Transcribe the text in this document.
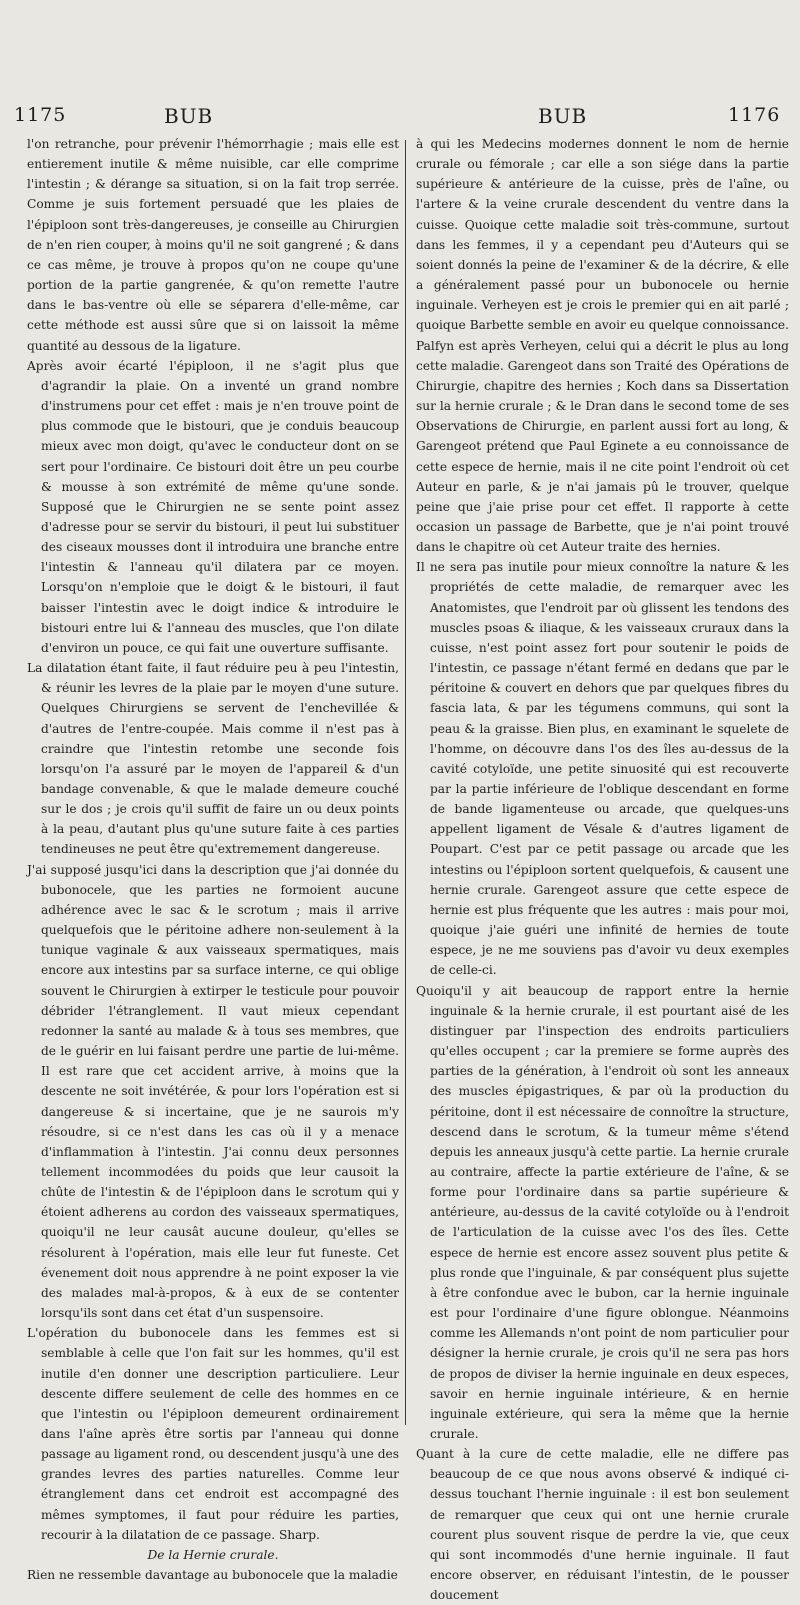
1175	BUB	BUB	1176

l'on retranche, pour prévenir l'hémorrhagie ; mais elle est entierement inutile & même nuisible, car elle comprime l'intestin ; & dérange sa situation, si on la fait trop serrée. Comme je suis fortement persuadé que les plaies de l'épiploon sont très-dangereuses, je conseille au Chirurgien de n'en rien couper, à moins qu'il ne soit gangrené ; & dans ce cas même, je trouve à propos qu'on ne coupe qu'une portion de la partie gangrenée, & qu'on remette l'autre dans le bas-ventre où elle se séparera d'elle-même, car cette méthode est aussi sûre que si on laissoit la même quantité au dessous de la ligature.

Après avoir écarté l'épiploon, il ne s'agit plus que d'agrandir la plaie. On a inventé un grand nombre d'instrumens pour cet effet : mais je n'en trouve point de plus commode que le bistouri, que je conduis beaucoup mieux avec mon doigt, qu'avec le conducteur dont on se sert pour l'ordinaire. Ce bistouri doit être un peu courbe & mousse à son extrémité de même qu'une sonde. Supposé que le Chirurgien ne se sente point assez d'adresse pour se servir du bistouri, il peut lui substituer des ciseaux mousses dont il introduira une branche entre l'intestin & l'anneau qu'il dilatera par ce moyen. Lorsqu'on n'emploie que le doigt & le bistouri, il faut baisser l'intestin avec le doigt indice & introduire le bistouri entre lui & l'anneau des muscles, que l'on dilate d'environ un pouce, ce qui fait une ouverture suffisante.

La dilatation étant faite, il faut réduire peu à peu l'intestin, & réunir les levres de la plaie par le moyen d'une suture. Quelques Chirurgiens se servent de l'enchevillée & d'autres de l'entre-coupée. Mais comme il n'est pas à craindre que l'intestin retombe une seconde fois lorsqu'on l'a assuré par le moyen de l'appareil & d'un bandage convenable, & que le malade demeure couché sur le dos ; je crois qu'il suffit de faire un ou deux points à la peau, d'autant plus qu'une suture faite à ces parties tendineuses ne peut être qu'extremement dangereuse.

J'ai supposé jusqu'ici dans la description que j'ai donnée du bubonocele, que les parties ne formoient aucune adhérence avec le sac & le scrotum ; mais il arrive quelquefois que le péritoine adhere non-seulement à la tunique vaginale & aux vaisseaux spermatiques, mais encore aux intestins par sa surface interne, ce qui oblige souvent le Chirurgien à extirper le testicule pour pouvoir débrider l'étranglement. Il vaut mieux cependant redonner la santé au malade & à tous ses membres, que de le guérir en lui faisant perdre une partie de lui-même. Il est rare que cet accident arrive, à moins que la descente ne soit invétérée, & pour lors l'opération est si dangereuse & si incertaine, que je ne saurois m'y résoudre, si ce n'est dans les cas où il y a menace d'inflammation à l'intestin. J'ai connu deux personnes tellement incommodées du poids que leur causoit la chûte de l'intestin & de l'épiploon dans le scrotum qui y étoient adherens au cordon des vaisseaux spermatiques, quoiqu'il ne leur causât aucune douleur, qu'elles se résolurent à l'opération, mais elle leur fut funeste. Cet évenement doit nous apprendre à ne point exposer la vie des malades mal-à-propos, & à eux de se contenter lorsqu'ils sont dans cet état d'un suspensoire.

L'opération du bubonocele dans les femmes est si semblable à celle que l'on fait sur les hommes, qu'il est inutile d'en donner une description particuliere. Leur descente differe seulement de celle des hommes en ce que l'intestin ou l'épiploon demeurent ordinairement dans l'aîne après être sortis par l'anneau qui donne passage au ligament rond, ou descendent jusqu'à une des grandes levres des parties naturelles. Comme leur étranglement dans cet endroit est accompagné des mêmes symptomes, il faut pour réduire les parties, recourir à la dilatation de ce passage. Sharp.

De la Hernie crurale.

Rien ne ressemble davantage au bubonocele que la maladie

à qui les Medecins modernes donnent le nom de hernie crurale ou fémorale ; car elle a son siége dans la partie supérieure & antérieure de la cuisse, près de l'aîne, ou l'artere & la veine crurale descendent du ventre dans la cuisse. Quoique cette maladie soit très-commune, surtout dans les femmes, il y a cependant peu d'Auteurs qui se soient donnés la peine de l'examiner & de la décrire, & elle a généralement passé pour un bubonocele ou hernie inguinale. Verheyen est je crois le premier qui en ait parlé ; quoique Barbette semble en avoir eu quelque connoissance. Palfyn est après Verheyen, celui qui a décrit le plus au long cette maladie. Garengeot dans son Traité des Opérations de Chirurgie, chapitre des hernies ; Koch dans sa Dissertation sur la hernie crurale ; & le Dran dans le second tome de ses Observations de Chirurgie, en parlent aussi fort au long, & Garengeot prétend que Paul Eginete a eu connoissance de cette espece de hernie, mais il ne cite point l'endroit où cet Auteur en parle, & je n'ai jamais pû le trouver, quelque peine que j'aie prise pour cet effet. Il rapporte à cette occasion un passage de Barbette, que je n'ai point trouvé dans le chapitre où cet Auteur traite des hernies.

Il ne sera pas inutile pour mieux connoître la nature & les propriétés de cette maladie, de remarquer avec les Anatomistes, que l'endroit par où glissent les tendons des muscles psoas & iliaque, & les vaisseaux cruraux dans la cuisse, n'est point assez fort pour soutenir le poids de l'intestin, ce passage n'étant fermé en dedans que par le péritoine & couvert en dehors que par quelques fibres du fascia lata, & par les tégumens communs, qui sont la peau & la graisse. Bien plus, en examinant le squelete de l'homme, on découvre dans l'os des îles au-dessus de la cavité cotyloïde, une petite sinuosité qui est recouverte par la partie inférieure de l'oblique descendant en forme de bande ligamenteuse ou arcade, que quelques-uns appellent ligament de Vésale & d'autres ligament de Poupart. C'est par ce petit passage ou arcade que les intestins ou l'épiploon sortent quelquefois, & causent une hernie crurale. Garengeot assure que cette espece de hernie est plus fréquente que les autres : mais pour moi, quoique j'aie guéri une infinité de hernies de toute espece, je ne me souviens pas d'avoir vu deux exemples de celle-ci.

Quoiqu'il y ait beaucoup de rapport entre la hernie inguinale & la hernie crurale, il est pourtant aisé de les distinguer par l'inspection des endroits particuliers qu'elles occupent ; car la premiere se forme auprès des parties de la génération, à l'endroit où sont les anneaux des muscles épigastriques, & par où la production du péritoine, dont il est nécessaire de connoître la structure, descend dans le scrotum, & la tumeur même s'étend depuis les anneaux jusqu'à cette partie. La hernie crurale au contraire, affecte la partie extérieure de l'aîne, & se forme pour l'ordinaire dans sa partie supérieure & antérieure, au-dessus de la cavité cotyloïde ou à l'endroit de l'articulation de la cuisse avec l'os des îles. Cette espece de hernie est encore assez souvent plus petite & plus ronde que l'inguinale, & par conséquent plus sujette à être confondue avec le bubon, car la hernie inguinale est pour l'ordinaire d'une figure oblongue. Néanmoins comme les Allemands n'ont point de nom particulier pour désigner la hernie crurale, je crois qu'il ne sera pas hors de propos de diviser la hernie inguinale en deux especes, savoir en hernie inguinale intérieure, & en hernie inguinale extérieure, qui sera la même que la hernie crurale.

Quant à la cure de cette maladie, elle ne differe pas beaucoup de ce que nous avons observé & indiqué ci-dessus touchant l'hernie inguinale : il est bon seulement de remarquer que ceux qui ont une hernie crurale courent plus souvent risque de perdre la vie, que ceux qui sont incommodés d'une hernie inguinale. Il faut encore observer, en réduisant l'intestin, de le pousser doucement
